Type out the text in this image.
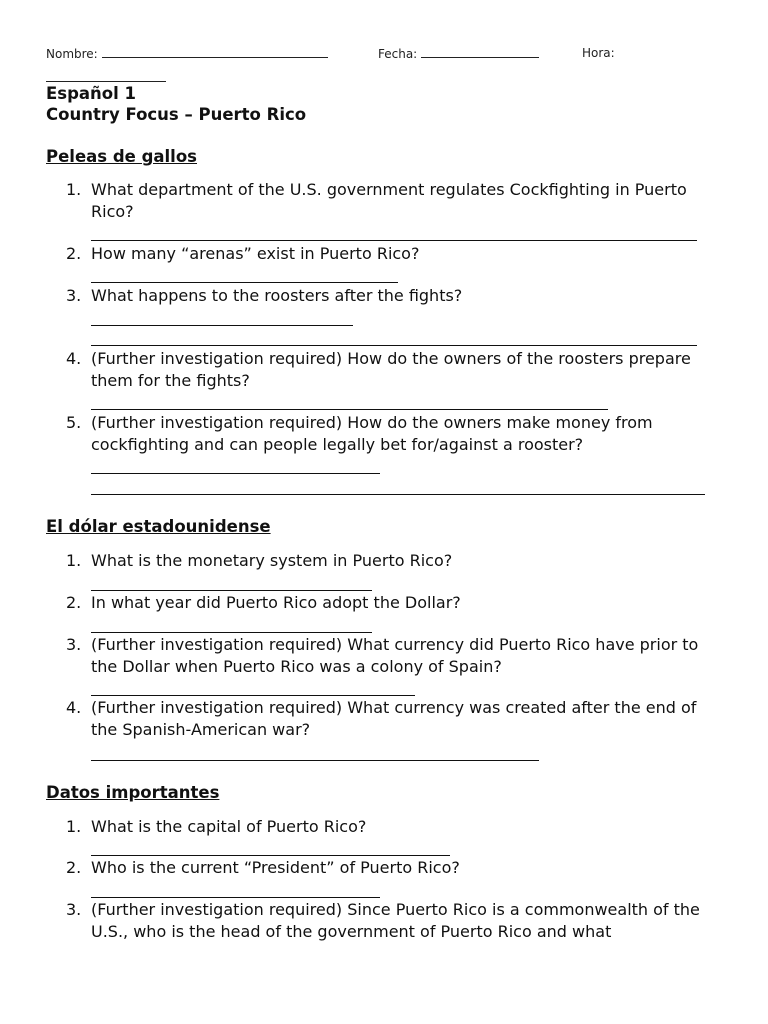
Nombre:	Fecha:	Hora:
Español 1
Country Focus – Puerto Rico
Peleas de gallos
1. What department of the U.S. government regulates Cockfighting in Puerto Rico?
2. How many “arenas” exist in Puerto Rico?
3. What happens to the roosters after the fights?
4. (Further investigation required) How do the owners of the roosters prepare them for the fights?
5. (Further investigation required) How do the owners make money from cockfighting and can people legally bet for/against a rooster?
El dólar estadounidense
1. What is the monetary system in Puerto Rico?
2. In what year did Puerto Rico adopt the Dollar?
3. (Further investigation required) What currency did Puerto Rico have prior to the Dollar when Puerto Rico was a colony of Spain?
4. (Further investigation required) What currency was created after the end of the Spanish-American war?
Datos importantes
1. What is the capital of Puerto Rico?
2. Who is the current “President” of Puerto Rico?
3. (Further investigation required) Since Puerto Rico is a commonwealth of the U.S., who is the head of the government of Puerto Rico and what
